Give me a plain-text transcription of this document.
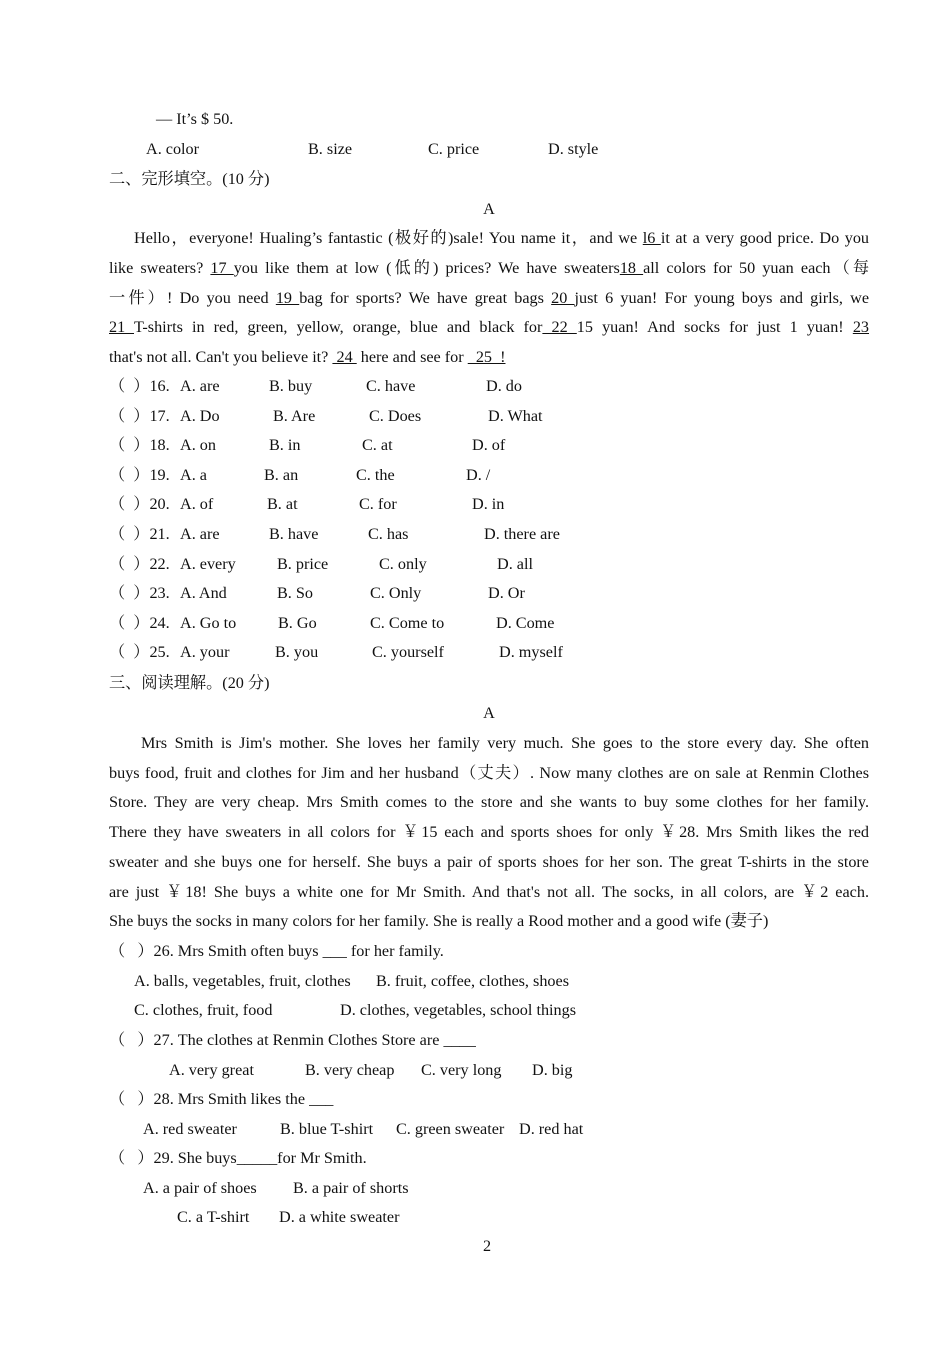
— It’s $ 50.
A. color	B. size	C. price	D. style
二、完形填空。(10 分)
A
Hello，everyone! Hualing’s fantastic (极好的)sale! You name it，and we l6 it at a very good price. Do you
like sweaters? 17 you like them at low (低的) prices? We have sweaters18 all colors for 50 yuan each（每
一件）! Do you need 19 bag for sports? We have great bags 20 just 6 yuan! For young boys and girls, we
21 T-shirts in red, green, yellow, orange, blue and black for 22 15 yuan! And socks for just 1 yuan! 23
that's not all. Can't you believe it?  24  here and see for   25  !
（  ）16. A. are	B. buy	C. have	D. do
（  ）17. A. Do	B. Are	C. Does	D. What
（  ）18. A. on	B. in	C. at	D. of
（  ）19. A. a	B. an	C. the	D. /
（  ）20. A. of	B. at	C. for	D. in
（  ）21. A. are	B. have	C. has	D. there are
（  ）22. A. every	B. price	C. only	D. all
（  ）23. A. And	B. So	C. Only	D. Or
（  ）24. A. Go to	B. Go	C. Come to	D. Come
（  ）25. A. your	B. you	C. yourself	D. myself
三、阅读理解。(20 分)
A
Mrs Smith is Jim's mother. She loves her family very much. She goes to the store every day. She often
buys food, fruit and clothes for Jim and her husband（丈夫）. Now many clothes are on sale at Renmin Clothes
Store. They are very cheap. Mrs Smith comes to the store and she wants to buy some clothes for her family.
There they have sweaters in all colors for ￥15 each and sports shoes for only ￥28. Mrs Smith likes the red
sweater and she buys one for herself. She buys a pair of sports shoes for her son. The great T-shirts in the store
are just ￥18! She buys a white one for Mr Smith. And that's not all. The socks, in all colors, are ￥2 each.
She buys the socks in many colors for her family. She is really a Rood mother and a good wife (妻子)
（   ）26. Mrs Smith often buys ___ for her family.
A. balls, vegetables, fruit, clothes B. fruit, coffee, clothes, shoes
C. clothes, fruit, food	D. clothes, vegetables, school things
（   ）27. The clothes at Renmin Clothes Store are ____
A. very great	B. very cheap C. very long D. big
（   ）28. Mrs Smith likes the ___
A. red sweater	B. blue T-shirt C. green sweater D. red hat
（   ）29. She buys_____for Mr Smith.
A. a pair of shoes B. a pair of shorts
C. a T-shirt D. a white sweater
2
